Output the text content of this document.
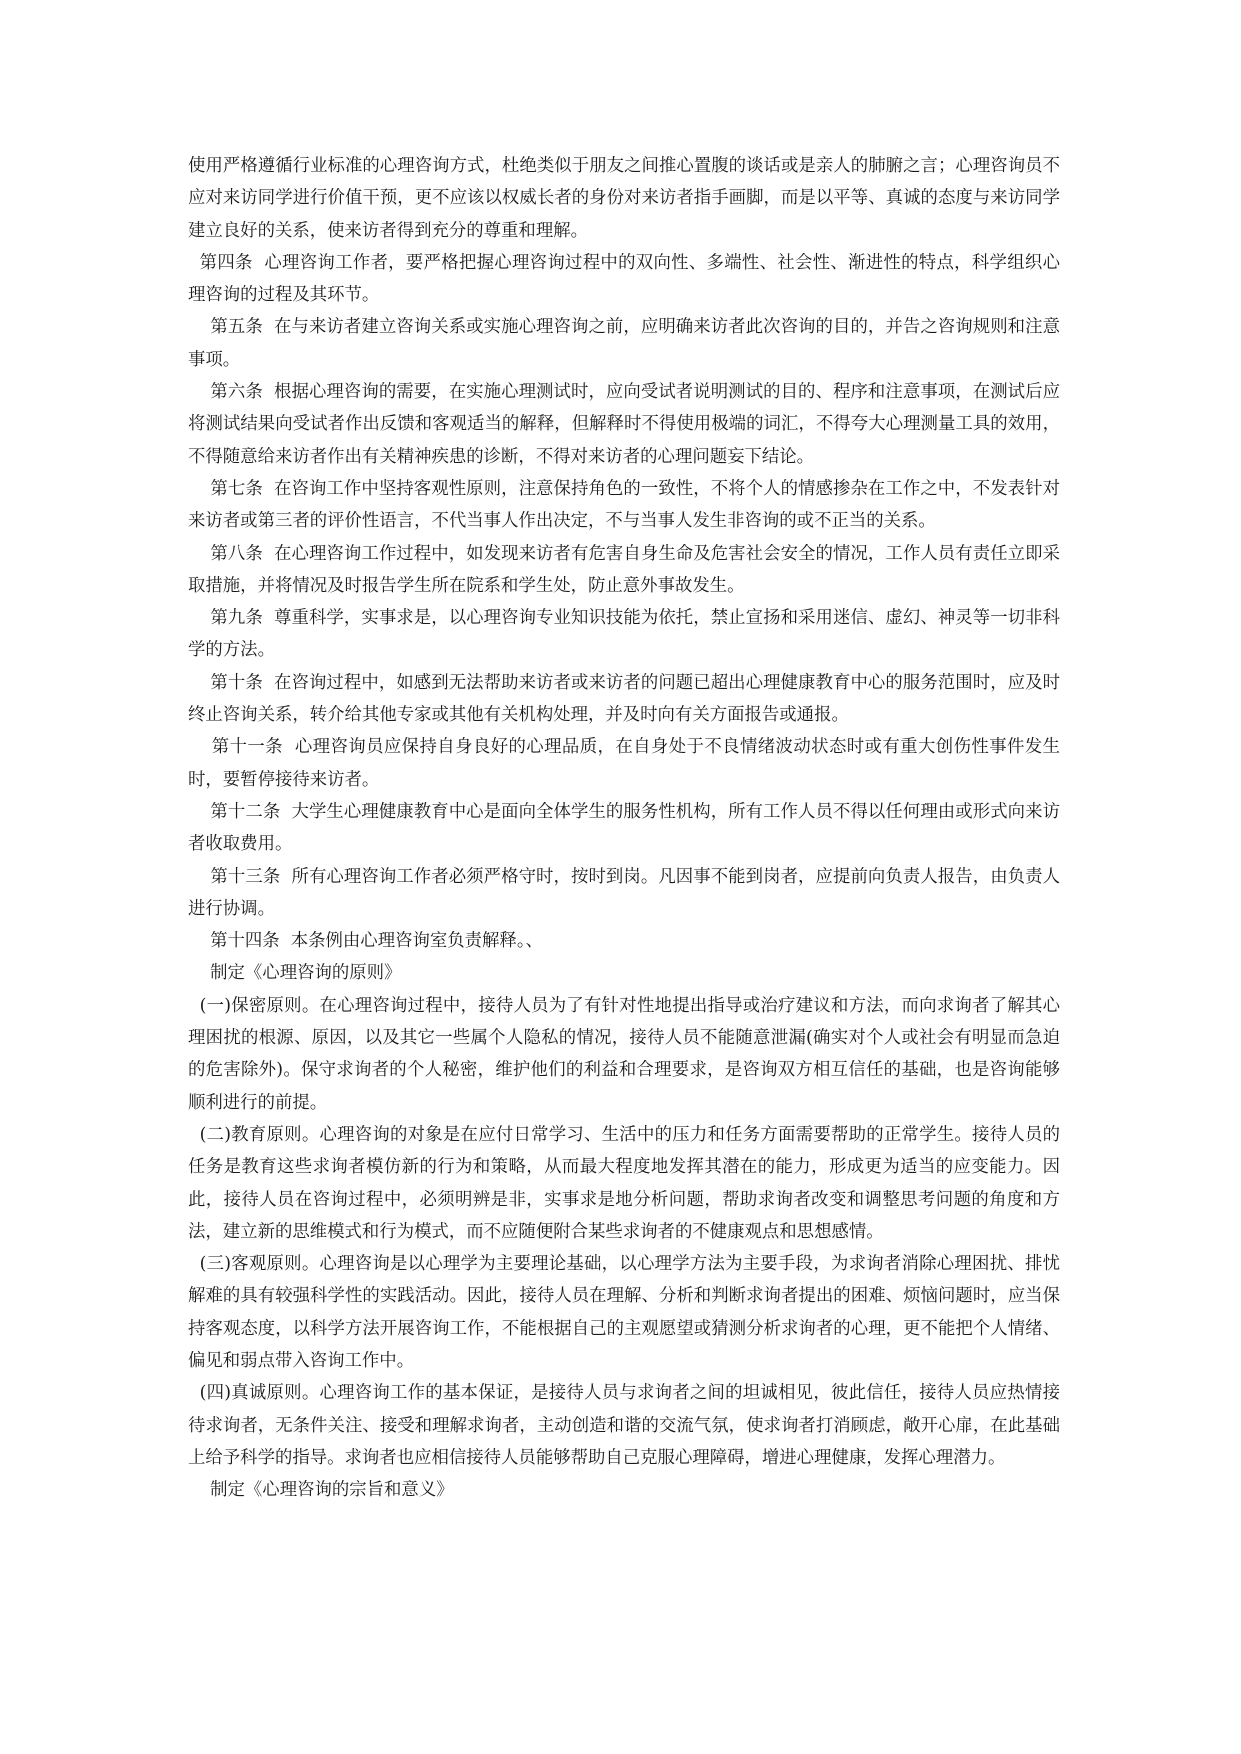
使用严格遵循行业标准的心理咨询方式，杜绝类似于朋友之间推心置腹的谈话或是亲人的肺腑之言；心理咨询员不应对来访同学进行价值干预，更不应该以权威长者的身份对来访者指手画脚，而是以平等、真诚的态度与来访同学建立良好的关系，使来访者得到充分的尊重和理解。

第四条  心理咨询工作者，要严格把握心理咨询过程中的双向性、多端性、社会性、渐进性的特点，科学组织心理咨询的过程及其环节。

第五条  在与来访者建立咨询关系或实施心理咨询之前，应明确来访者此次咨询的目的，并告之咨询规则和注意事项。

第六条  根据心理咨询的需要，在实施心理测试时，应向受试者说明测试的目的、程序和注意事项，在测试后应将测试结果向受试者作出反馈和客观适当的解释，但解释时不得使用极端的词汇，不得夸大心理测量工具的效用，不得随意给来访者作出有关精神疾患的诊断，不得对来访者的心理问题妄下结论。

第七条  在咨询工作中坚持客观性原则，注意保持角色的一致性，不将个人的情感掺杂在工作之中，不发表针对来访者或第三者的评价性语言，不代当事人作出决定，不与当事人发生非咨询的或不正当的关系。

第八条  在心理咨询工作过程中，如发现来访者有危害自身生命及危害社会安全的情况，工作人员有责任立即采取措施，并将情况及时报告学生所在院系和学生处，防止意外事故发生。

第九条  尊重科学，实事求是，以心理咨询专业知识技能为依托，禁止宣扬和采用迷信、虚幻、神灵等一切非科学的方法。

第十条  在咨询过程中，如感到无法帮助来访者或来访者的问题已超出心理健康教育中心的服务范围时，应及时终止咨询关系，转介给其他专家或其他有关机构处理，并及时向有关方面报告或通报。

第十一条  心理咨询员应保持自身良好的心理品质，在自身处于不良情绪波动状态时或有重大创伤性事件发生时，要暂停接待来访者。

第十二条  大学生心理健康教育中心是面向全体学生的服务性机构，所有工作人员不得以任何理由或形式向来访者收取费用。

第十三条  所有心理咨询工作者必须严格守时，按时到岗。凡因事不能到岗者，应提前向负责人报告，由负责人进行协调。

第十四条  本条例由心理咨询室负责解释。、

制定《心理咨询的原则》

(一)保密原则。在心理咨询过程中，接待人员为了有针对性地提出指导或治疗建议和方法，而向求询者了解其心理困扰的根源、原因，以及其它一些属个人隐私的情况，接待人员不能随意泄漏(确实对个人或社会有明显而急迫的危害除外)。保守求询者的个人秘密，维护他们的利益和合理要求，是咨询双方相互信任的基础，也是咨询能够顺利进行的前提。

(二)教育原则。心理咨询的对象是在应付日常学习、生活中的压力和任务方面需要帮助的正常学生。接待人员的任务是教育这些求询者模仿新的行为和策略，从而最大程度地发挥其潜在的能力，形成更为适当的应变能力。因此，接待人员在咨询过程中，必须明辨是非，实事求是地分析问题，帮助求询者改变和调整思考问题的角度和方法，建立新的思维模式和行为模式，而不应随便附合某些求询者的不健康观点和思想感情。

(三)客观原则。心理咨询是以心理学为主要理论基础，以心理学方法为主要手段，为求询者消除心理困扰、排忧解难的具有较强科学性的实践活动。因此，接待人员在理解、分析和判断求询者提出的困难、烦恼问题时，应当保持客观态度，以科学方法开展咨询工作，不能根据自己的主观愿望或猜测分析求询者的心理，更不能把个人情绪、偏见和弱点带入咨询工作中。

(四)真诚原则。心理咨询工作的基本保证，是接待人员与求询者之间的坦诚相见，彼此信任，接待人员应热情接待求询者，无条件关注、接受和理解求询者，主动创造和谐的交流气氛，使求询者打消顾虑，敞开心扉，在此基础上给予科学的指导。求询者也应相信接待人员能够帮助自己克服心理障碍，增进心理健康，发挥心理潜力。

制定《心理咨询的宗旨和意义》
